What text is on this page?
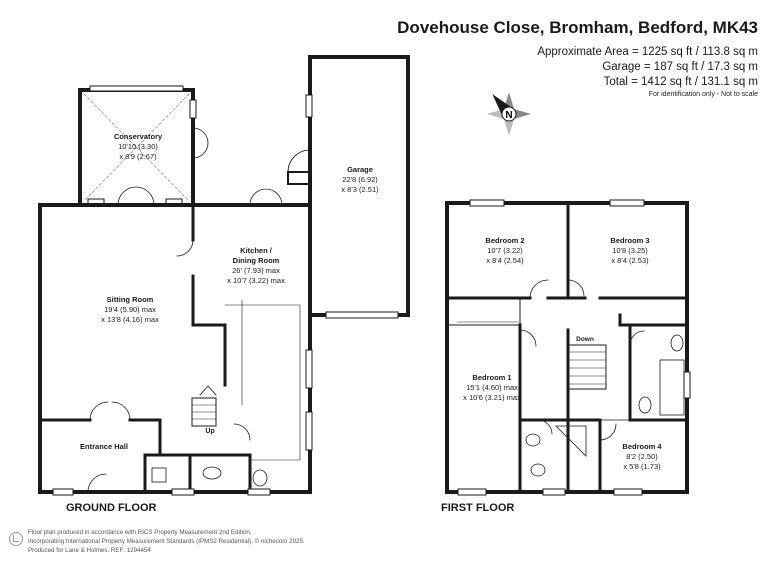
Dovehouse Close, Bromham, Bedford, MK43
Approximate Area = 1225 sq ft / 113.8 sq m
Garage = 187 sq ft / 17.3 sq m
Total = 1412 sq ft / 131.1 sq m
For identification only - Not to scale
N
Conservatory
10'10 (3.30)
x 8'9 (2.67)
Garage
22'8 (6.92)
x 8'3 (2.51)
Kitchen /
Dining Room
26' (7.93) max
x 10'7 (3.22) max
Sitting Room
19'4 (5.90) max
x 13'8 (4.16) max
Entrance Hall
Up
Bedroom 2
10'7 (3.22)
x 8'4 (2.54)
Bedroom 3
10'8 (3.25)
x 8'4 (2.53)
Bedroom 1
15'1 (4.60) max
x 10'6 (3.21) max
Bedroom 4
8'2 (2.50)
x 5'8 (1.73)
Down
GROUND FLOOR	FIRST FLOOR
Floor plan produced in accordance with RICS Property Measurement 2nd Edition,
Incorporating International Property Measurement Standards (IPMS2 Residential). © nichecom 2025.
Produced for Lane & Holmes. REF: 1294454
